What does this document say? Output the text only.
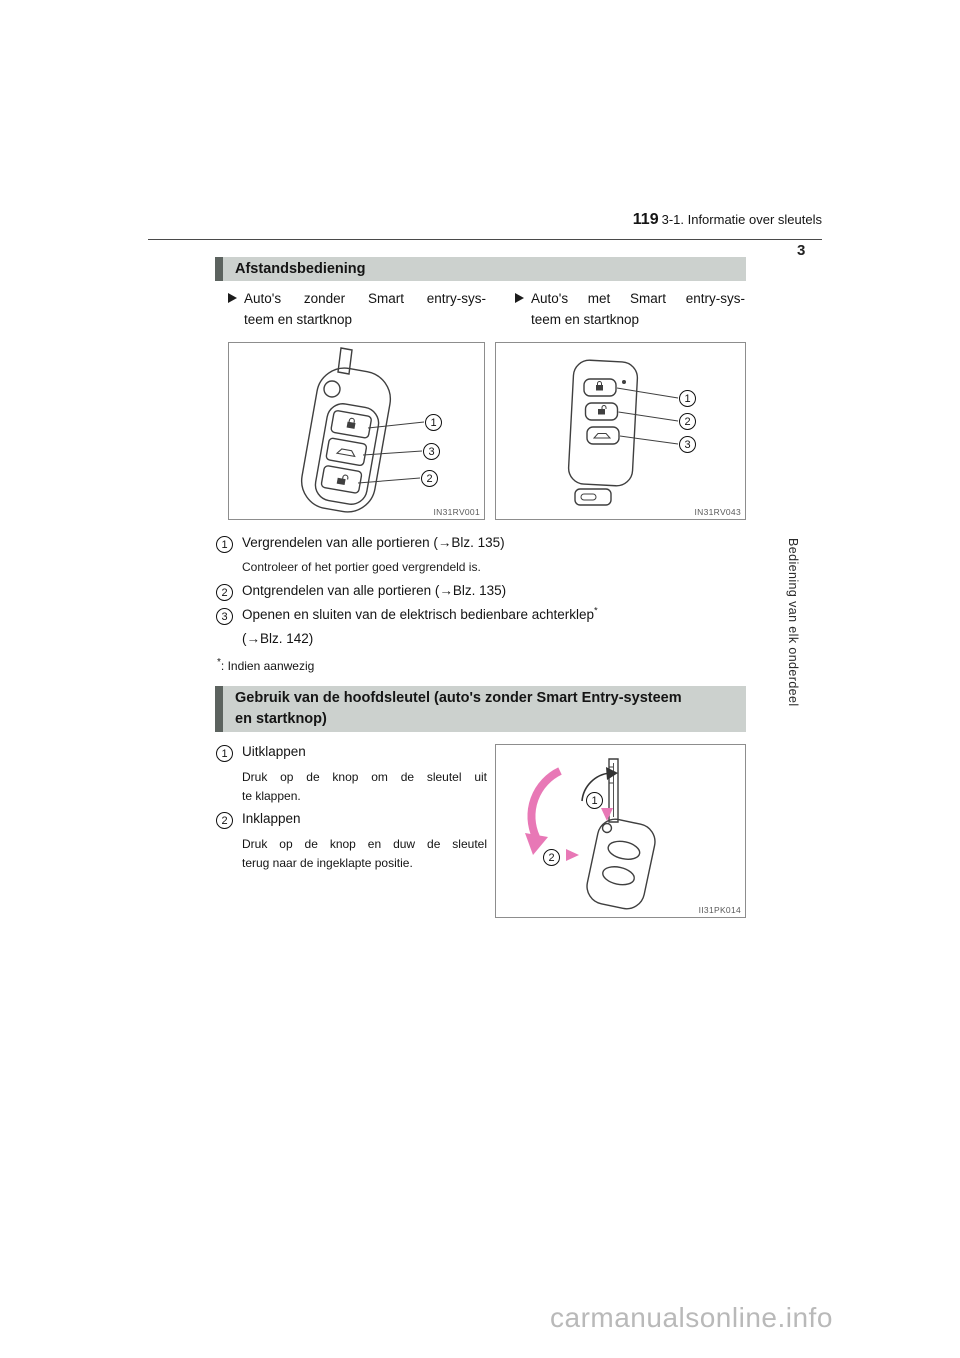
119 3-1. Informatie over sleutels
3
Bediening van elk onderdeel
Afstandsbediening
Auto's zonder Smart entry-sys-
teem en startknop
Auto's met Smart entry-sys-
teem en startknop
1
3
2
IN31RV001
1
2
3
IN31RV043
1	Vergrendelen van alle portieren (→Blz. 135)
Controleer of het portier goed vergrendeld is.
2	Ontgrendelen van alle portieren (→Blz. 135)
3	Openen en sluiten van de elektrisch bedienbare achterklep*
(→Blz. 142)
*: Indien aanwezig
Gebruik van de hoofdsleutel (auto's zonder Smart Entry-systeem
en startknop)
1	Uitklappen
Druk op de knop om de sleutel uit
te klappen.
2	Inklappen
Druk op de knop en duw de sleutel
terug naar de ingeklapte positie.
1
2
II31PK014
carmanualsonline.info
